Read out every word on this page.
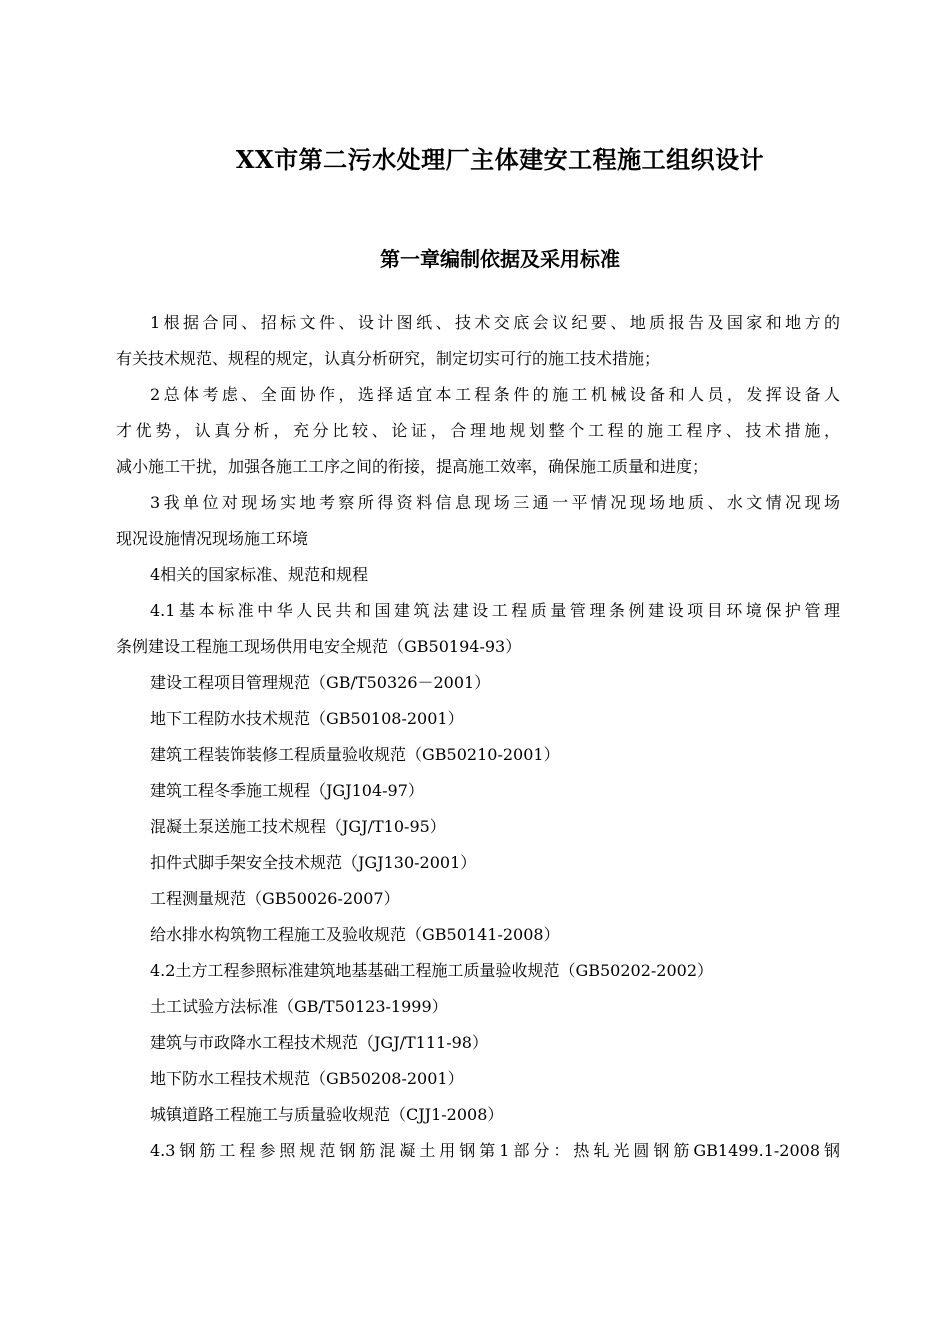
XX市第二污水处理厂主体建安工程施工组织设计
第一章编制依据及采用标准
1根据合同、招标文件、设计图纸、技术交底会议纪要、地质报告及国家和地方的
有关技术规范、规程的规定，认真分析研究，制定切实可行的施工技术措施；
2总体考虑、全面协作，选择适宜本工程条件的施工机械设备和人员，发挥设备人
才优势，认真分析，充分比较、论证，合理地规划整个工程的施工程序、技术措施，
减小施工干扰，加强各施工工序之间的衔接，提高施工效率，确保施工质量和进度；
3我单位对现场实地考察所得资料信息现场三通一平情况现场地质、水文情况现场
现况设施情况现场施工环境
4相关的国家标准、规范和规程
4.1基本标准中华人民共和国建筑法建设工程质量管理条例建设项目环境保护管理
条例建设工程施工现场供用电安全规范（GB50194-93）
建设工程项目管理规范（GB/T50326－2001）
地下工程防水技术规范（GB50108-2001）
建筑工程装饰装修工程质量验收规范（GB50210-2001）
建筑工程冬季施工规程（JGJ104-97）
混凝土泵送施工技术规程（JGJ/T10-95）
扣件式脚手架安全技术规范（JGJ130-2001）
工程测量规范（GB50026-2007）
给水排水构筑物工程施工及验收规范（GB50141-2008）
4.2土方工程参照标准建筑地基基础工程施工质量验收规范（GB50202-2002）
土工试验方法标准（GB/T50123-1999）
建筑与市政降水工程技术规范（JGJ/T111-98）
地下防水工程技术规范（GB50208-2001）
城镇道路工程施工与质量验收规范（CJJ1-2008）
4.3钢筋工程参照规范钢筋混凝土用钢第1部分：热轧光圆钢筋GB1499.1-2008钢
